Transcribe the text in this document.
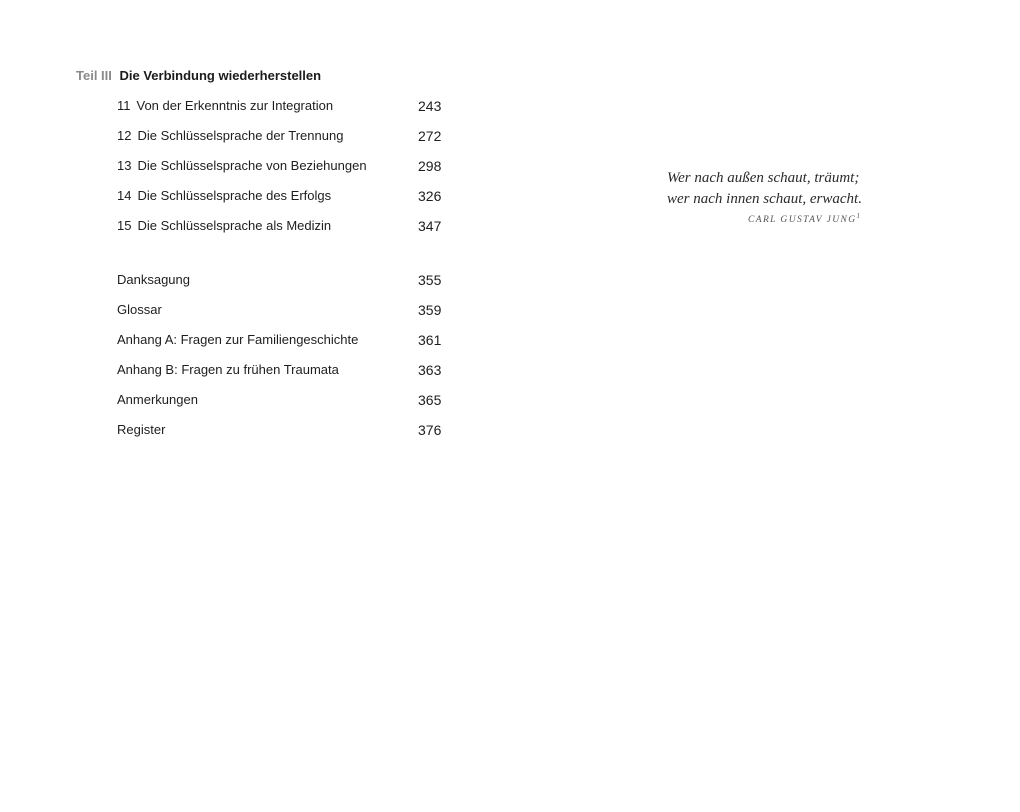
Teil III Die Verbindung wiederherstellen
11 Von der Erkenntnis zur Integration	243
12 Die Schlüsselsprache der Trennung	272
13 Die Schlüsselsprache von Beziehungen	298
14 Die Schlüsselsprache des Erfolgs	326
15 Die Schlüsselsprache als Medizin	347
Danksagung	355
Glossar	359
Anhang A: Fragen zur Familiengeschichte	361
Anhang B: Fragen zu frühen Traumata	363
Anmerkungen	365
Register	376
Wer nach außen schaut, träumt;
wer nach innen schaut, erwacht.
CARL GUSTAV JUNG$^1$
